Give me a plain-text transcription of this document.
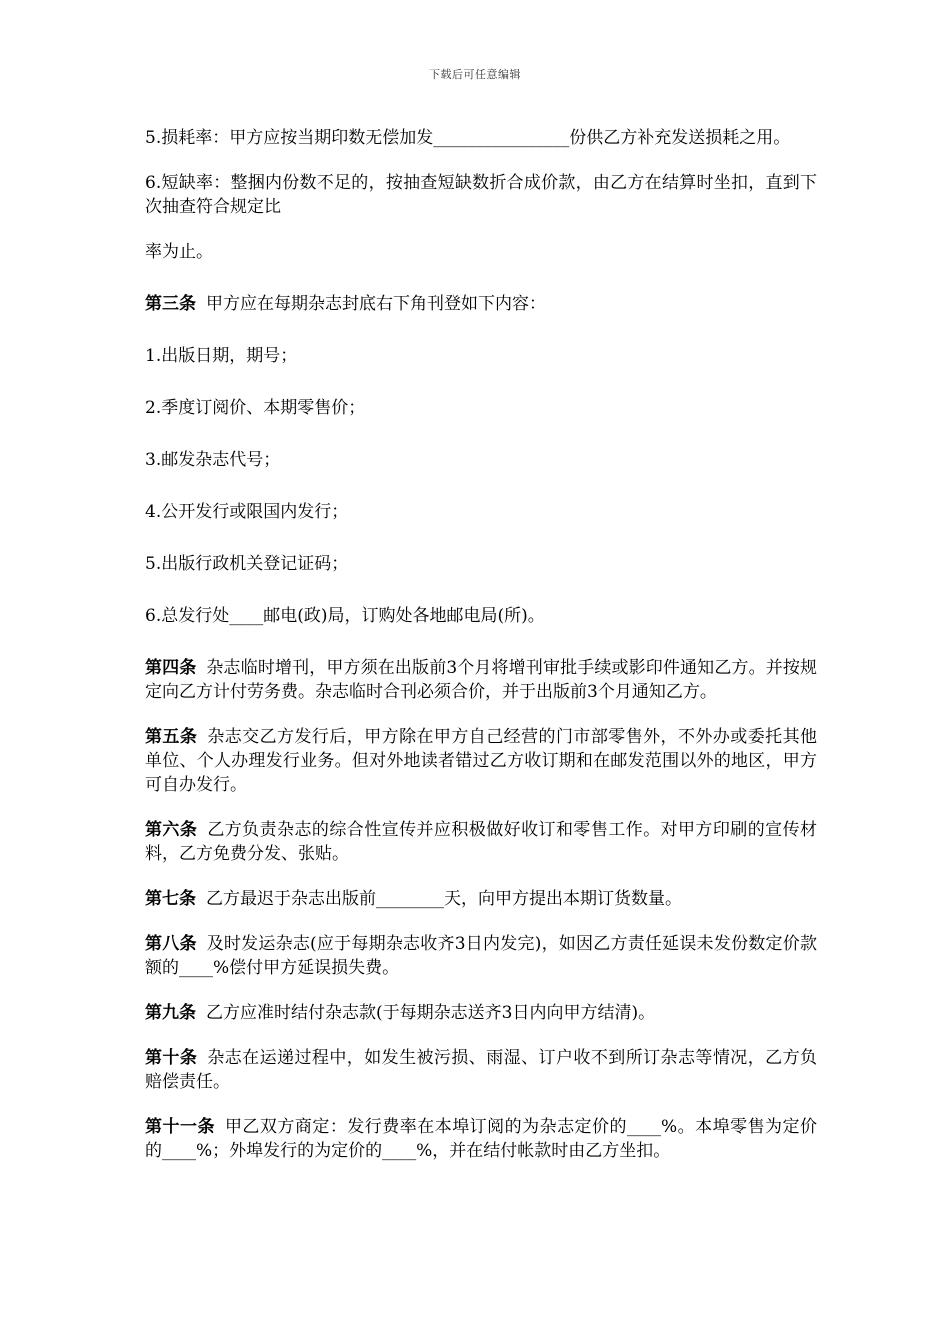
下载后可任意编辑

5.损耗率：甲方应按当期印数无偿加发________________份供乙方补充发送损耗之用。

6.短缺率：整捆内份数不足的，按抽查短缺数折合成价款，由乙方在结算时坐扣，直到下次抽查符合规定比

率为止。

第三条 甲方应在每期杂志封底右下角刊登如下内容：

1.出版日期，期号；

2.季度订阅价、本期零售价；

3.邮发杂志代号；

4.公开发行或限国内发行；

5.出版行政机关登记证码；

6.总发行处____邮电(政)局，订购处各地邮电局(所)。

第四条 杂志临时增刊，甲方须在出版前3个月将增刊审批手续或影印件通知乙方。并按规定向乙方计付劳务费。杂志临时合刊必须合价，并于出版前3个月通知乙方。

第五条 杂志交乙方发行后，甲方除在甲方自己经营的门市部零售外，不外办或委托其他单位、个人办理发行业务。但对外地读者错过乙方收订期和在邮发范围以外的地区，甲方可自办发行。

第六条 乙方负责杂志的综合性宣传并应积极做好收订和零售工作。对甲方印刷的宣传材料，乙方免费分发、张贴。

第七条 乙方最迟于杂志出版前________天，向甲方提出本期订货数量。

第八条 及时发运杂志(应于每期杂志收齐3日内发完)，如因乙方责任延误未发份数定价款额的____%偿付甲方延误损失费。

第九条 乙方应准时结付杂志款(于每期杂志送齐3日内向甲方结清)。

第十条 杂志在运递过程中，如发生被污损、雨湿、订户收不到所订杂志等情况，乙方负赔偿责任。

第十一条 甲乙双方商定：发行费率在本埠订阅的为杂志定价的____%。本埠零售为定价的____%；外埠发行的为定价的____%，并在结付帐款时由乙方坐扣。
